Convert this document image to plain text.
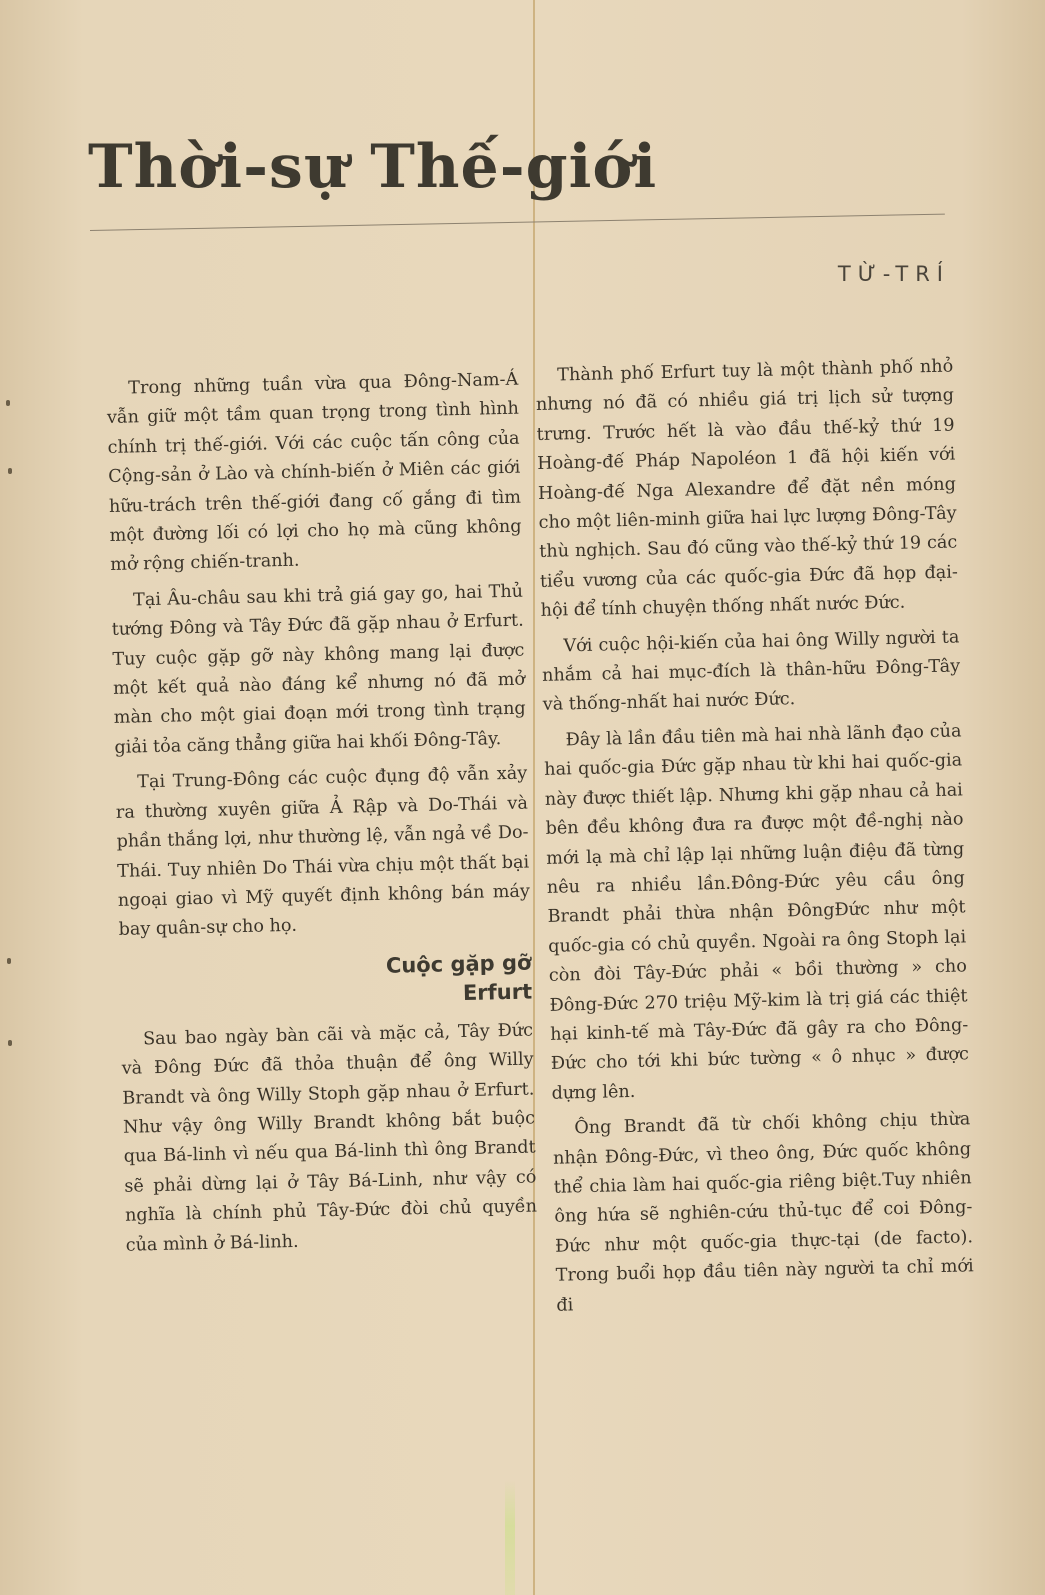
Thời-sự Thế-giới
TỪ-TRÍ

Trong những tuần vừa qua Đông-Nam-Á vẫn giữ một tầm quan trọng trong tình hình chính trị thế-giới. Với các cuộc tấn công của Cộng-sản ở Lào và chính-biến ở Miên các giới hữu-trách trên thế-giới đang cố gắng đi tìm một đường lối có lợi cho họ mà cũng không mở rộng chiến-tranh.

Tại Âu-châu sau khi trả giá gay go, hai Thủ tướng Đông và Tây Đức đã gặp nhau ở Erfurt. Tuy cuộc gặp gỡ này không mang lại được một kết quả nào đáng kể nhưng nó đã mở màn cho một giai đoạn mới trong tình trạng giải tỏa căng thẳng giữa hai khối Đông-Tây.

Tại Trung-Đông các cuộc đụng độ vẫn xảy ra thường xuyên giữa Ả Rập và Do-Thái và phần thắng lợi, như thường lệ, vẫn ngả về Do-Thái. Tuy nhiên Do Thái vừa chịu một thất bại ngoại giao vì Mỹ quyết định không bán máy bay quân-sự cho họ.

Cuộc gặp gỡ
Erfurt

Sau bao ngày bàn cãi và mặc cả, Tây Đức và Đông Đức đã thỏa thuận để ông Willy Brandt và ông Willy Stoph gặp nhau ở Erfurt. Như vậy ông Willy Brandt không bắt buộc qua Bá-linh vì nếu qua Bá-linh thì ông Brandt sẽ phải dừng lại ở Tây Bá-Linh, như vậy có nghĩa là chính phủ Tây-Đức đòi chủ quyền của mình ở Bá-linh.

Thành phố Erfurt tuy là một thành phố nhỏ nhưng nó đã có nhiều giá trị lịch sử tượng trưng. Trước hết là vào đầu thế-kỷ thứ 19 Hoàng-đế Pháp Napoléon 1 đã hội kiến với Hoàng-đế Nga Alexandre để đặt nền móng cho một liên-minh giữa hai lực lượng Đông-Tây thù nghịch. Sau đó cũng vào thế-kỷ thứ 19 các tiểu vương của các quốc-gia Đức đã họp đại-hội để tính chuyện thống nhất nước Đức.

Với cuộc hội-kiến của hai ông Willy người ta nhắm cả hai mục-đích là thân-hữu Đông-Tây và thống-nhất hai nước Đức.

Đây là lần đầu tiên mà hai nhà lãnh đạo của hai quốc-gia Đức gặp nhau từ khi hai quốc-gia này được thiết lập. Nhưng khi gặp nhau cả hai bên đều không đưa ra được một đề-nghị nào mới lạ mà chỉ lập lại những luận điệu đã từng nêu ra nhiều lần.Đông-Đức yêu cầu ông Brandt phải thừa nhận ĐôngĐức như một quốc-gia có chủ quyền. Ngoài ra ông Stoph lại còn đòi Tây-Đức phải « bồi thường » cho Đông-Đức 270 triệu Mỹ-kim là trị giá các thiệt hại kinh-tế mà Tây-Đức đã gây ra cho Đông-Đức cho tới khi bức tường « ô nhục » được dựng lên.

Ông Brandt đã từ chối không chịu thừa nhận Đông-Đức, vì theo ông, Đức quốc không thể chia làm hai quốc-gia riêng biệt.Tuy nhiên ông hứa sẽ nghiên-cứu thủ-tục để coi Đông-Đức như một quốc-gia thực-tại (de facto). Trong buổi họp đầu tiên này người ta chỉ mới đi
